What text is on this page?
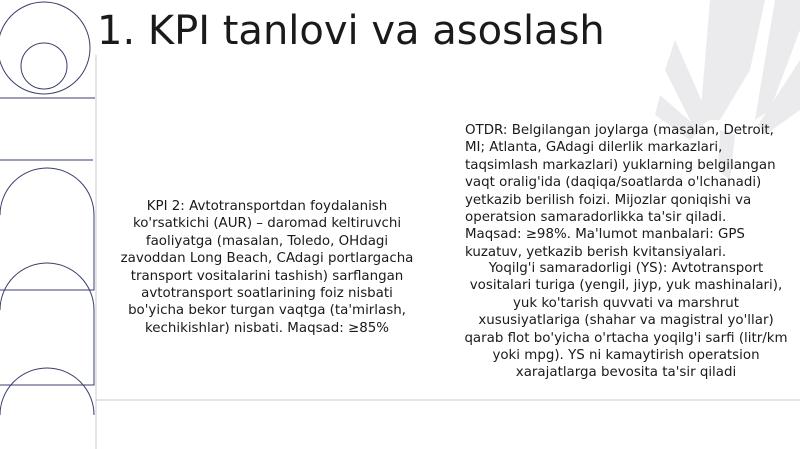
1. KPI tanlovi va asoslash
KPI 2: Avtotransportdan foydalanish ko'rsatkichi (AUR) – daromad keltiruvchi faoliyatga (masalan, Toledo, OHdagi zavoddan Long Beach, CAdagi portlargacha transport vositalarini tashish) sarflangan avtotransport soatlarining foiz nisbati bo'yicha bekor turgan vaqtga (ta'mirlash, kechikishlar) nisbati. Maqsad: ≥85%
OTDR: Belgilangan joylarga (masalan, Detroit, MI; Atlanta, GAdagi dilerlik markazlari, taqsimlash markazlari) yuklarning belgilangan vaqt oralig'ida (daqiqa/soatlarda o'lchanadi) yetkazib berilish foizi. Mijozlar qoniqishi va operatsion samaradorlikka ta'sir qiladi. Maqsad: ≥98%. Ma'lumot manbalari: GPS kuzatuv, yetkazib berish kvitansiyalari.
Yoqilg'i samaradorligi (YS): Avtotransport vositalari turiga (yengil, jiyp, yuk mashinalari), yuk ko'tarish quvvati va marshrut xususiyatlariga (shahar va magistral yo'llar) qarab flot bo'yicha o'rtacha yoqilg'i sarfi (litr/km yoki mpg). YS ni kamaytirish operatsion xarajatlarga bevosita ta'sir qiladi
